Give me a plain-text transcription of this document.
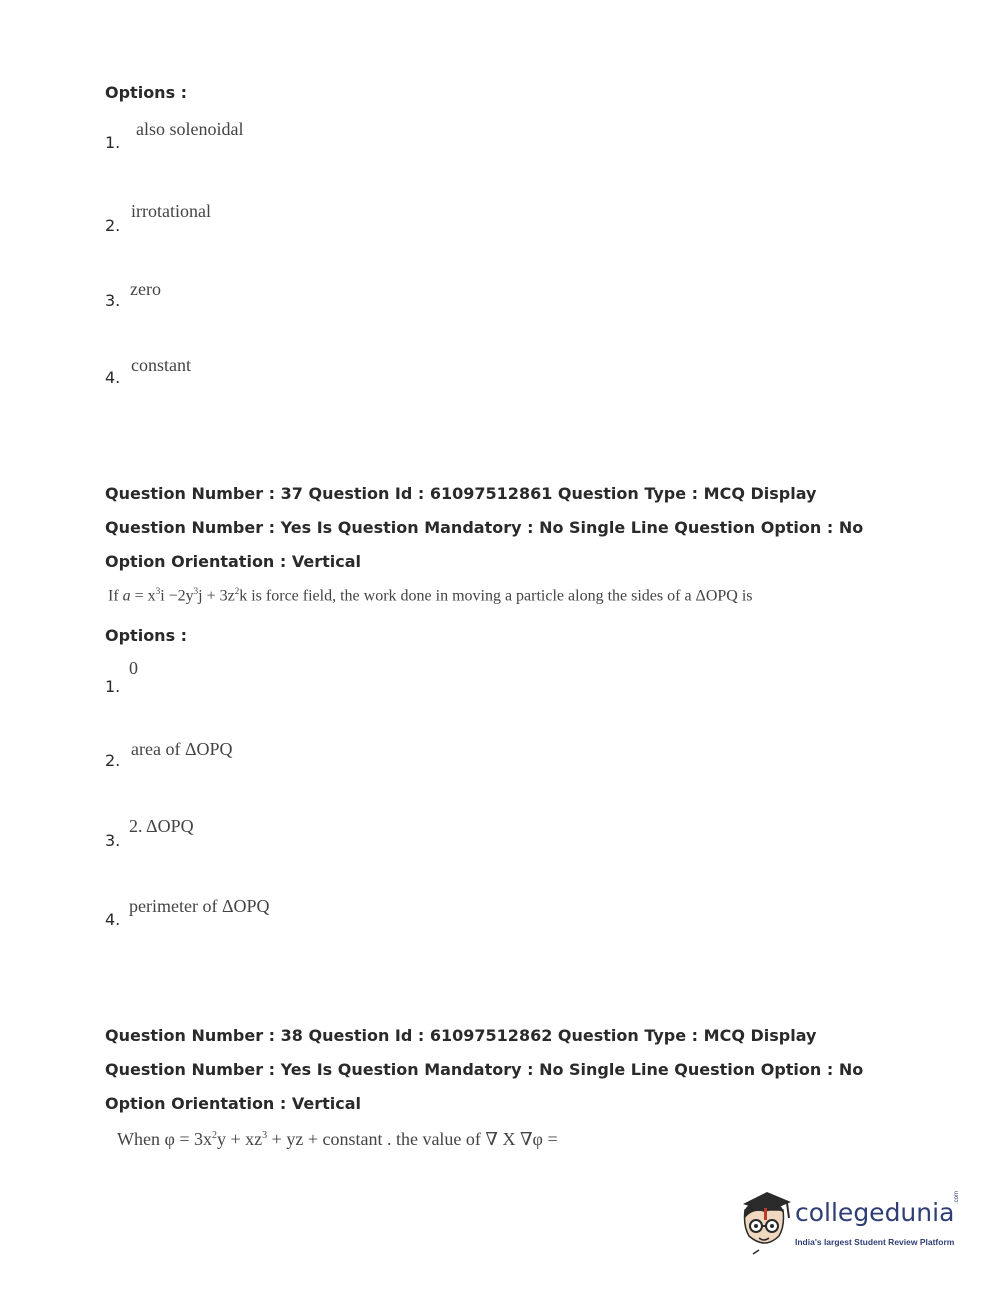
Options :
1.
also solenoidal
2.
irrotational
3.
zero
4.
constant
Question Number : 37 Question Id : 61097512861 Question Type : MCQ Display Question Number : Yes Is Question Mandatory : No Single Line Question Option : No Option Orientation : Vertical
If $a = x^3i -2y^3j + 3z^2k$ is force field, the work done in moving a particle along the sides of a ΔOPQ is
Options :
1.
0
2.
area of ΔOPQ
3.
2. ΔOPQ
4.
perimeter of ΔOPQ
Question Number : 38 Question Id : 61097512862 Question Type : MCQ Display Question Number : Yes Is Question Mandatory : No Single Line Question Option : No Option Orientation : Vertical
When $\varphi = 3x^2y + xz^3$ + yz + constant . the value of ∇ X ∇φ =
collegedunia
.com
India's largest Student Review Platform
